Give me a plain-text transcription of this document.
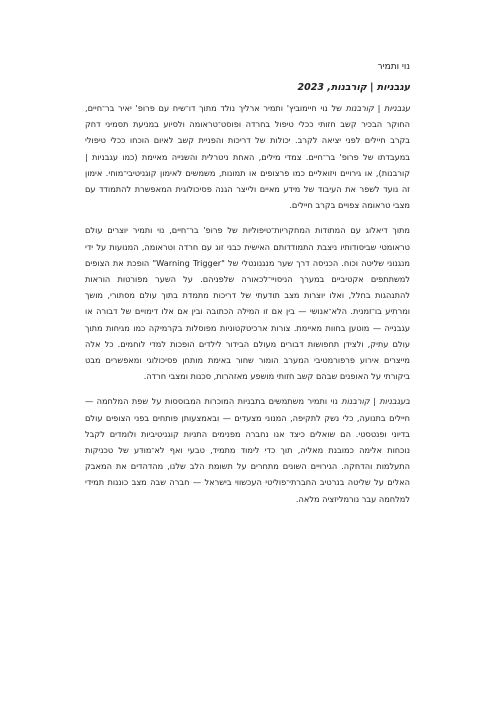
נוי ותמיר

עגבניות | קורבנות, 2023

עגבניות | קורבנות של נוי חיימוביץ' ותמיר ארליך נולד מתוך דו־שיח עם פרופ' יאיר בר־חיים, החוקר הבכיר קשב חזותי ככלי טיפול בחרדה ופוסט־טראומה ולסיוע במניעת תסמיני דחק בקרב חיילים לפני יציאה לקרב. יכולות של דריכות והפניית קשב לאיום הוכחו ככלי טיפולי במעבדתו של פרופ' בר־חיים. צמדי מילים, האחת ניטרלית והשנייה מאיימת (כמו עגבניות | קורבנות), או גירויים ויזואליים כמו פרצופים או תמונות, משמשים לאימון קוגניטיבי־מוחי. אימון זה נועד לשפר את העיבוד של מידע מאיים ולייצר הגנה פסיכולוגית המאפשרת להתמודד עם מצבי טראומה צפויים בקרב חיילים.

מתוך דיאלוג עם המתודות המחקריות־טיפוליות של פרופ' בר־חיים, נוי ותמיר יוצרים עולם טראומטי שביסודותיו ניצבת התמודדותם האישית כבני זוג עם חרדה וטראומה, המנועות על ידי מנגנוני שליטה וכוח. הכניסה דרך שער מנגנונטלי של "Warning Trigger" הופכת את הצופים למשתתפים אקטיביים במערך הניסויי־לכאורה שלפניהם. על השער מפורטות הוראות להתנהגות בחלל, ואלו יוצרות מצב תודעתי של דריכות מתמדת בתוך עולם מסתורי, מושך ומרתיע בו־זמנית. הלא־אנושי — בין אם זו המילה הכתובה ובין אם אלו דימויים של דבורה או עגבנייה — מוטען בחוות מאיימת. צורות ארכיטקטוניות מפוסלות בקרמיקה כמו מגיחות מתוך עולם עתיק, ולצידן תחפושות דבורים מעולם הבידור לילדים הופכות למדי לוחמים. כל אלה מייצרים אירוע פרפורמטיבי המערב הומור שחור באימת מותחן פסיכולוגי ומאפשרים מבט ביקורתי על האופנים שבהם קשב חזותי מושפע מאזהרות, סכנות ומצבי חרדה.

בעגבניות | קורבנות נוי ותמיר משתמשים בתבניות המוכרות המבוססות על שפת המלחמה — חיילים בתנועה, כלי נשק לתקיפה, המנוני מצעדים — ובאמצעותן פותחים בפני הצופים עולם בדיוני ופנטסטי. הם שואלים כיצד אנו נחברה מפנימים התניות קוגניטיביות ולומדים לקבל נוכחות אלימה כמובנת מאליה, תוך כדי לימוד מתמיד, טבעי ואף לא־מודע של טכניקות התעלמות והדחקה. הגירויים השונים מתחרים על תשומת הלב שלנו, מהדהדים את המאבק האלים על שליטה בנרטיב החברתי־פוליטי העכשווי בישראל — חברה שבה מצב כוננות תמידי למלחמה עבר נורמליזציה מלאה.
